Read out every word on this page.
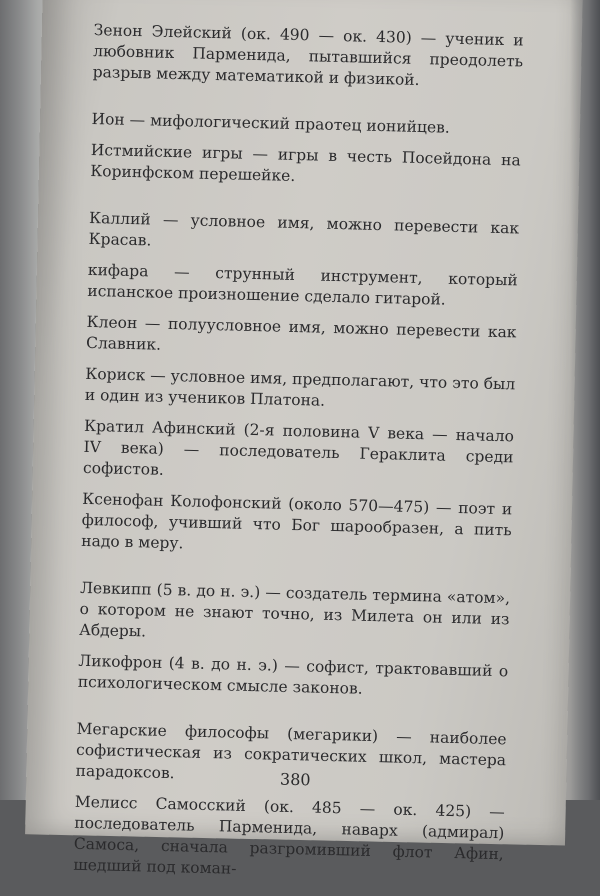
Зенон Элейский (ок. 490 — ок. 430) — ученик и любовник Парменида, пытавшийся преодолеть разрыв между математикой и физикой.

Ион — мифологический праотец ионийцев.

Истмийские игры — игры в честь Посейдона на Коринфском перешейке.

Каллий — условное имя, можно перевести как Красав.

кифара — струнный инструмент, который испанское произношение сделало гитарой.

Клеон — полуусловное имя, можно перевести как Славник.

Кориск — условное имя, предполагают, что это был и один из учеников Платона.

Кратил Афинский (2-я половина V века — начало IV века) — последователь Гераклита среди софистов.

Ксенофан Колофонский (около 570—475) — поэт и философ, учивший что Бог шарообразен, а пить надо в меру.

Левкипп (5 в. до н. э.) — создатель термина «атом», о котором не знают точно, из Милета он или из Абдеры.

Ликофрон (4 в. до н. э.) — софист, трактовавший о психологическом смысле законов.

Мегарские философы (мегарики) — наиболее софистическая из сократических школ, мастера парадоксов.

Мелисс Самосский (ок. 485 — ок. 425) — последователь Парменида, наварх (адмирал) Самоса, сначала разгромивший флот Афин, шедший под коман-

380
